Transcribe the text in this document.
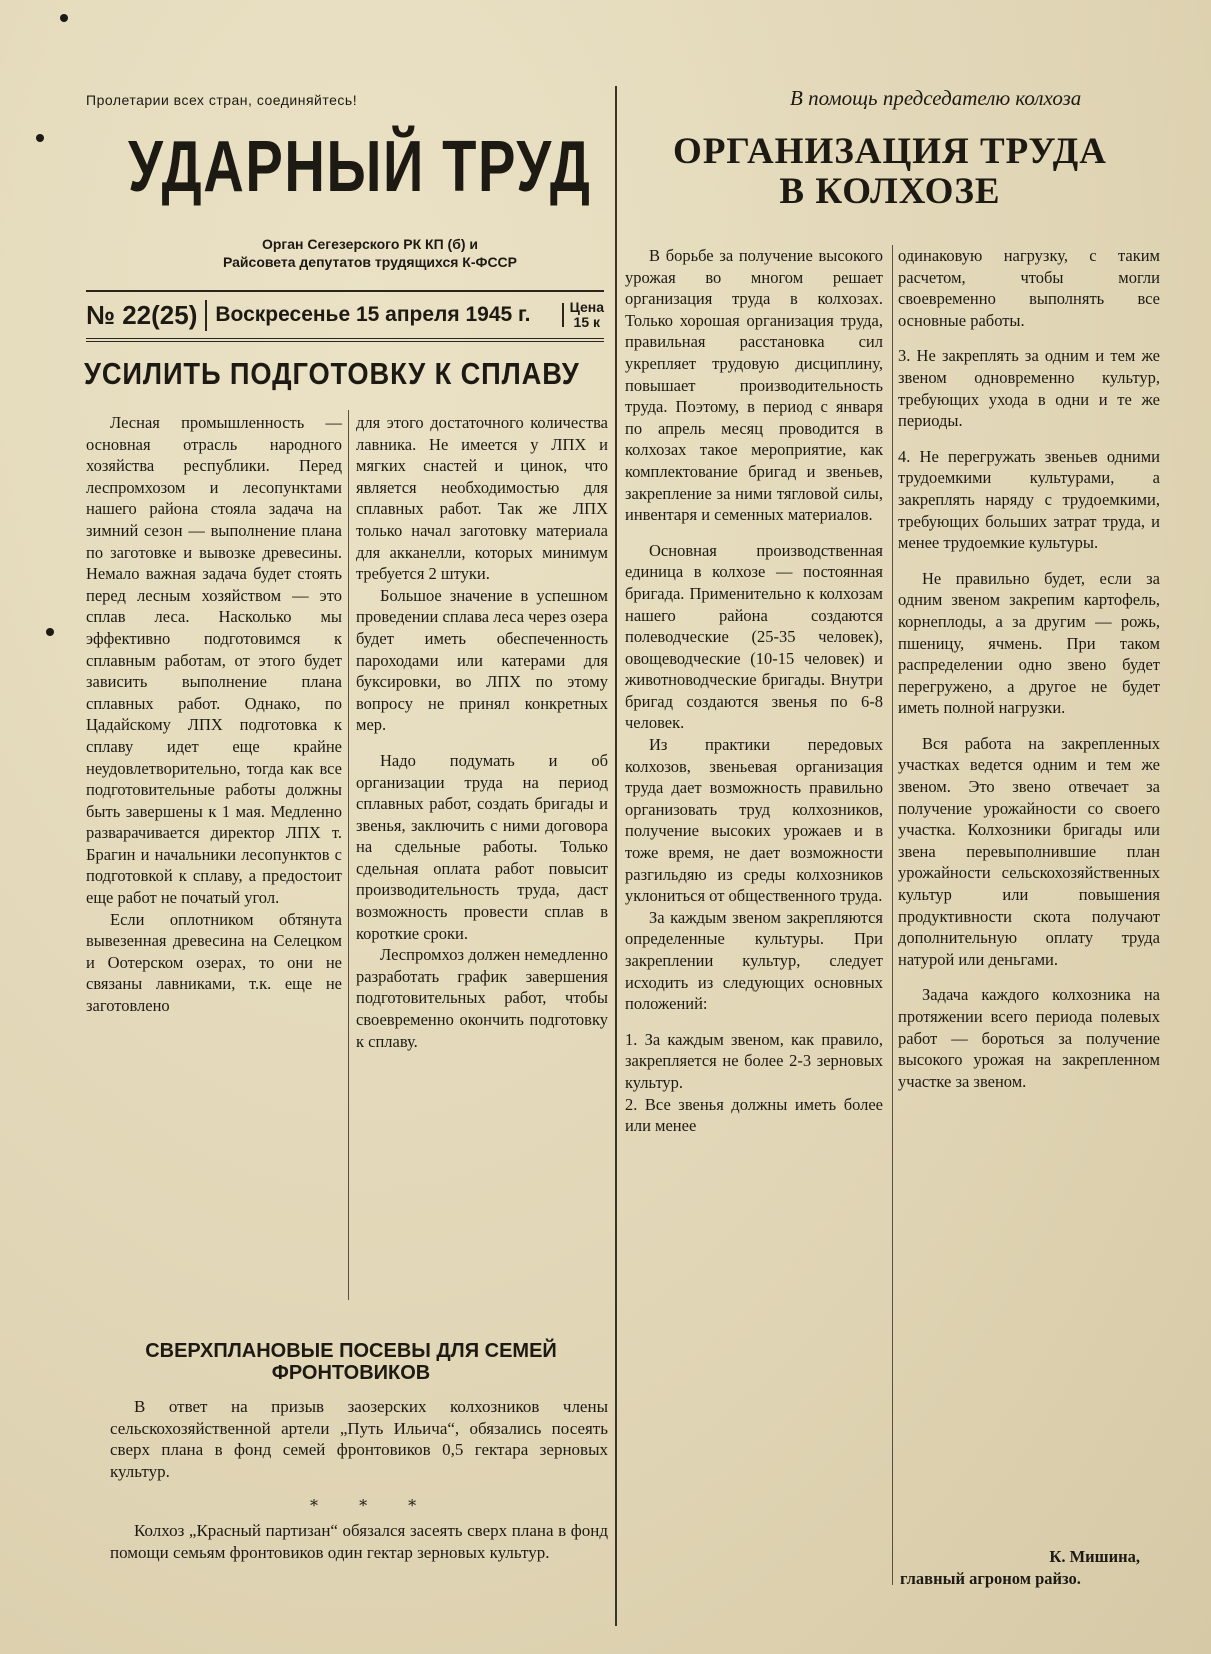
Пролетарии всех стран, соединяйтесь!	В помощь председателю колхоза
УДАРНЫЙ ТРУД
Орган Сегезерского РК КП (б) и
Райсовета депутатов трудящихся К-ФССР
№ 22(25) Воскресенье 15 апреля 1945 г.	Цена
15 к
УСИЛИТЬ ПОДГОТОВКУ К СПЛАВУ

Лесная промышленность — основная отрасль народного хозяйства республики. Перед леспромхозом и лесопунктами нашего района стояла задача на зимний сезон — выполнение плана по заготовке и вывозке древесины. Немало важная задача будет стоять перед лесным хозяйством — это сплав леса. Насколько мы эффективно подготовимся к сплавным работам, от этого будет зависить выполнение плана сплавных работ. Однако, по Цадайскому ЛПХ подготовка к сплаву идет еще крайне неудовлетворительно, тогда как все подготовительные работы должны быть завершены к 1 мая. Медленно разварачивается директор ЛПХ т. Брагин и начальники лесопунктов с подготовкой к сплаву, а предостоит еще работ не початый угол.

Если оплотником обтянута вывезенная древесина на Селецком и Оотерском озерах, то они не связаны лавниками, т.к. еще не заготовлено

для этого достаточного количества лавника. Не имеется у ЛПХ и мягких снастей и цинок, что является необходимостью для сплавных работ. Так же ЛПХ только начал заготовку материала для акканелли, которых минимум требуется 2 штуки.

Большое значение в успешном проведении сплава леса через озера будет иметь обеспеченность пароходами или катерами для буксировки, во ЛПХ по этому вопросу не принял конкретных мер.

Надо подумать и об организации труда на период сплавных работ, создать бригады и звенья, заключить с ними договора на сдельные работы. Только сдельная оплата работ повысит производительность труда, даст возможность провести сплав в короткие сроки.

Леспромхоз должен немедленно разработать график завершения подготовительных работ, чтобы своевременно окончить подготовку к сплаву.

ОРГАНИЗАЦИЯ ТРУДА
В КОЛХОЗЕ

В борьбе за получение высокого урожая во многом решает организация труда в колхозах. Только хорошая организация труда, правильная расстановка сил укрепляет трудовую дисциплину, повышает производительность труда. Поэтому, в период с января по апрель месяц проводится в колхозах такое мероприятие, как комплектование бригад и звеньев, закрепление за ними тягловой силы, инвентаря и семенных материалов.

Основная производственная единица в колхозе — постоянная бригада. Применительно к колхозам нашего района создаются полеводческие (25-35 человек), овощеводческие (10-15 человек) и животноводческие бригады. Внутри бригад создаются звенья по 6-8 человек.

Из практики передовых колхозов, звеньевая организация труда дает возможность правильно организовать труд колхозников, получение высоких урожаев и в тоже время, не дает возможности разгильдяю из среды колхозников уклониться от общественного труда.

За каждым звеном закрепляются определенные культуры. При закреплении культур, следует исходить из следующих основных положений:

1. За каждым звеном, как правило, закрепляется не более 2-3 зерновых культур.

2. Все звенья должны иметь более или менее

одинаковую нагрузку, с таким расчетом, чтобы могли своевременно выполнять все основные работы.

3. Не закреплять за одним и тем же звеном одновременно культур, требующих ухода в одни и те же периоды.

4. Не перегружать звеньев одними трудоемкими культурами, а закреплять наряду с трудоемкими, требующих больших затрат труда, и менее трудоемкие культуры.

Не правильно будет, если за одним звеном закрепим картофель, корнеплоды, а за другим — рожь, пшеницу, ячмень. При таком распределении одно звено будет перегружено, а другое не будет иметь полной нагрузки.

Вся работа на закрепленных участках ведется одним и тем же звеном. Это звено отвечает за получение урожайности со своего участка. Колхозники бригады или звена перевыполнившие план урожайности сельскохозяйственных культур или повышения продуктивности скота получают дополнительную оплату труда натурой или деньгами.

Задача каждого колхозника на протяжении всего периода полевых работ — бороться за получение высокого урожая на закрепленном участке за звеном.

К. Мишина,
главный агроном райзо.
СВЕРХПЛАНОВЫЕ ПОСЕВЫ ДЛЯ СЕМЕЙ
ФРОНТОВИКОВ

В ответ на призыв заозерских колхозников члены сельскохозяйственной артели „Путь Ильича“, обязались посеять сверх плана в фонд семей фронтовиков 0,5 гектара зерновых культур.

* * *

Колхоз „Красный партизан“ обязался засеять сверх плана в фонд помощи семьям фронтовиков один гектар зерновых культур.
